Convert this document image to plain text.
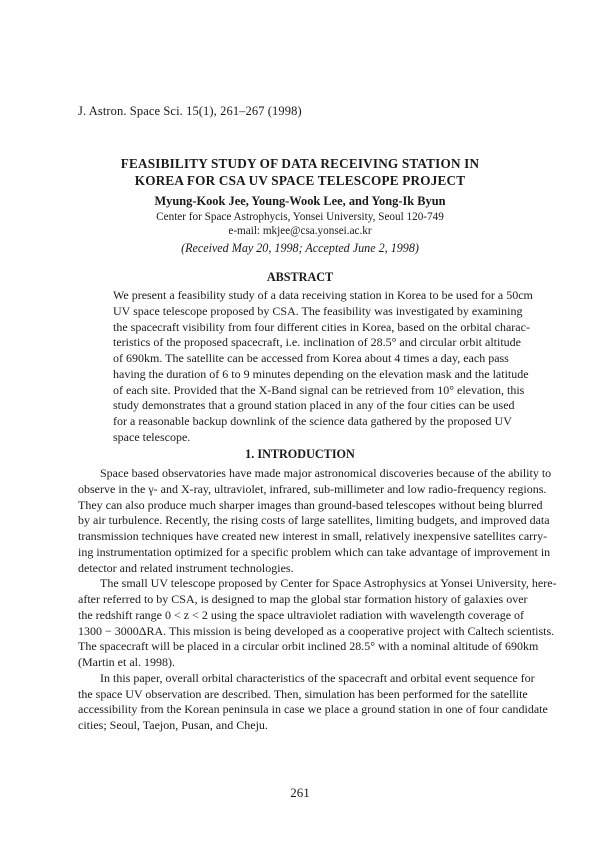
J. Astron. Space Sci. 15(1), 261–267 (1998)
FEASIBILITY STUDY OF DATA RECEIVING STATION IN
KOREA FOR CSA UV SPACE TELESCOPE PROJECT
Myung-Kook Jee, Young-Wook Lee, and Yong-Ik Byun
Center for Space Astrophycis, Yonsei University, Seoul 120-749
e-mail: mkjee@csa.yonsei.ac.kr
(Received May 20, 1998; Accepted June 2, 1998)
ABSTRACT
We present a feasibility study of a data receiving station in Korea to be used for a 50cm
UV space telescope proposed by CSA. The feasibility was investigated by examining
the spacecraft visibility from four different cities in Korea, based on the orbital charac-
teristics of the proposed spacecraft, i.e. inclination of 28.5° and circular orbit altitude
of 690km. The satellite can be accessed from Korea about 4 times a day, each pass
having the duration of 6 to 9 minutes depending on the elevation mask and the latitude
of each site. Provided that the X-Band signal can be retrieved from 10° elevation, this
study demonstrates that a ground station placed in any of the four cities can be used
for a reasonable backup downlink of the science data gathered by the proposed UV
space telescope.
1. INTRODUCTION
Space based observatories have made major astronomical discoveries because of the ability to
observe in the γ- and X-ray, ultraviolet, infrared, sub-millimeter and low radio-frequency regions.
They can also produce much sharper images than ground-based telescopes without being blurred
by air turbulence. Recently, the rising costs of large satellites, limiting budgets, and improved data
transmission techniques have created new interest in small, relatively inexpensive satellites carry-
ing instrumentation optimized for a specific problem which can take advantage of improvement in
detector and related instrument technologies.
The small UV telescope proposed by Center for Space Astrophysics at Yonsei University, here-
after referred to by CSA, is designed to map the global star formation history of galaxies over
the redshift range 0 < z < 2 using the space ultraviolet radiation with wavelength coverage of
1300 − 3000ΔRA. This mission is being developed as a cooperative project with Caltech scientists.
The spacecraft will be placed in a circular orbit inclined 28.5° with a nominal altitude of 690km
(Martin et al. 1998).
In this paper, overall orbital characteristics of the spacecraft and orbital event sequence for
the space UV observation are described. Then, simulation has been performed for the satellite
accessibility from the Korean peninsula in case we place a ground station in one of four candidate
cities; Seoul, Taejon, Pusan, and Cheju.
261
